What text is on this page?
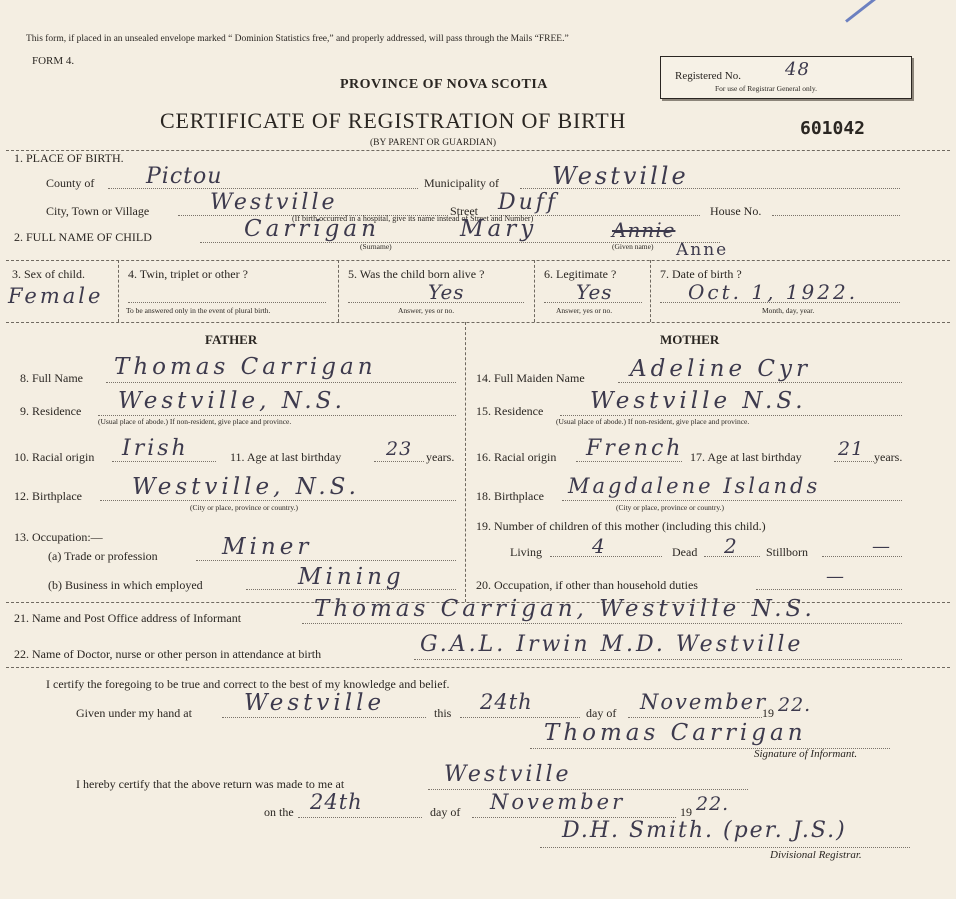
This form, if placed in an unsealed envelope marked “ Dominion Statistics free,” and properly addressed, will pass through the Mails “FREE.”
FORM 4.
PROVINCE OF NOVA SCOTIA
CERTIFICATE OF REGISTRATION OF BIRTH
(BY PARENT OR GUARDIAN)
601042
Registered No. 48
For use of Registrar General only.
1. PLACE OF BIRTH.
County of Pictou	Municipality of Westville
City, Town or Village	Westville	Street Duff	House No.
(If birth occurred in a hospital, give its name instead of Street and Number)
2. FULL NAME OF CHILD	Carrigan	Mary	Annie
Anne
(Surname)	(Given name)
3. Sex of child.
Female
4. Twin, triplet or other ?
To be answered only in the event of plural birth.
5. Was the child born alive ?
Yes
Answer, yes or no.
6. Legitimate ?
Yes
Answer, yes or no.
7. Date of birth ?
Oct. 1, 1922.
Month, day, year.
FATHER
8. Full Name Thomas Carrigan
9. Residence Westville, N.S.
(Usual place of abode.) If non-resident, give place and province.
10. Racial origin Irish	11. Age at last birthday 23 years.
12. Birthplace Westville, N.S.
(City or place, province or country.)
13. Occupation:—
(a) Trade or profession	Miner
(b) Business in which employed	Mining
MOTHER
14. Full Maiden Name Adeline Cyr
15. Residence Westville N.S.
(Usual place of abode.) If non-resident, give place and province.
16. Racial origin French 17. Age at last birthday 21 years.
18. Birthplace Magdalene Islands
(City or place, province or country.)
19. Number of children of this mother (including this child.)
Living	4	Dead 2 Stillborn	—
20. Occupation, if other than household duties	—
21. Name and Post Office address of Informant	Thomas Carrigan, Westville N.S.
22. Name of Doctor, nurse or other person in attendance at birth	G.A.L. Irwin M.D. Westville
I certify the foregoing to be true and correct to the best of my knowledge and belief.
Given under my hand at Westville	this 24th	day of November
19 22.
Thomas Carrigan
Signature of Informant.
I hereby certify that the above return was made to me at	Westville
on the 24th	day of November	19 22.
D.H. Smith. (per. J.S.)
Divisional Registrar.
